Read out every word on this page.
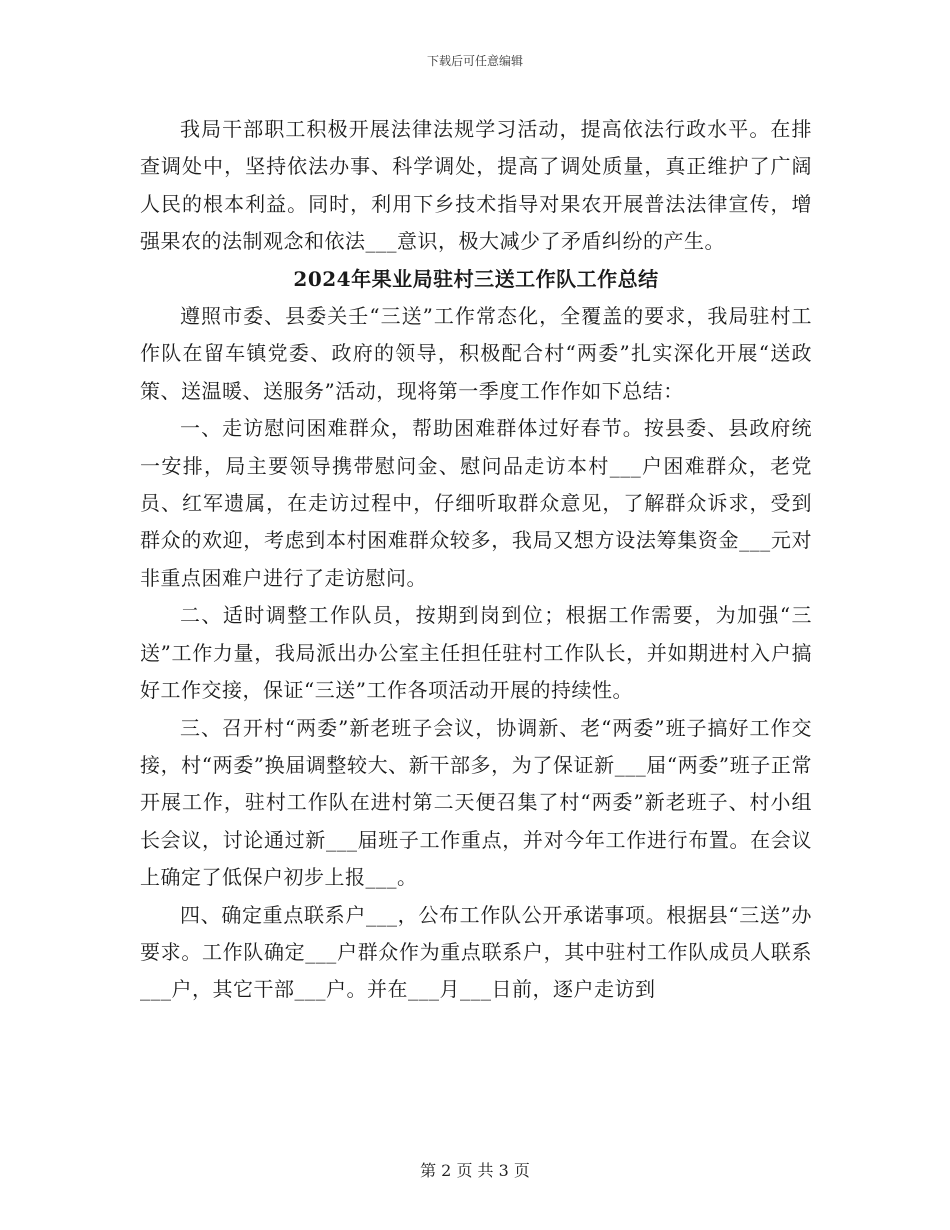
下载后可任意编辑

我局干部职工积极开展法律法规学习活动，提高依法行政水平。在排查调处中，坚持依法办事、科学调处，提高了调处质量，真正维护了广阔人民的根本利益。同时，利用下乡技术指导对果农开展普法法律宣传，增强果农的法制观念和依法___意识，极大减少了矛盾纠纷的产生。

2024年果业局驻村三送工作队工作总结

遵照市委、县委关壬“三送”工作常态化，全覆盖的要求，我局驻村工作队在留车镇党委、政府的领导，积极配合村“两委”扎实深化开展“送政策、送温暖、送服务”活动，现将第一季度工作作如下总结：

一、走访慰问困难群众，帮助困难群体过好春节。按县委、县政府统一安排，局主要领导携带慰问金、慰问品走访本村___户困难群众，老党员、红军遗属，在走访过程中，仔细听取群众意见，了解群众诉求，受到群众的欢迎，考虑到本村困难群众较多，我局又想方设法筹集资金___元对非重点困难户进行了走访慰问。

二、适时调整工作队员，按期到岗到位；根据工作需要，为加强“三送”工作力量，我局派出办公室主任担任驻村工作队长，并如期进村入户搞好工作交接，保证“三送”工作各项活动开展的持续性。

三、召开村“两委”新老班子会议，协调新、老“两委”班子搞好工作交接，村“两委”换届调整较大、新干部多，为了保证新___届“两委”班子正常开展工作，驻村工作队在进村第二天便召集了村“两委”新老班子、村小组长会议，讨论通过新___届班子工作重点，并对今年工作进行布置。在会议上确定了低保户初步上报___。

四、确定重点联系户___，公布工作队公开承诺事项。根据县“三送”办要求。工作队确定___户群众作为重点联系户，其中驻村工作队成员人联系___户，其它干部___户。并在___月___日前，逐户走访到

第 2 页 共 3 页
